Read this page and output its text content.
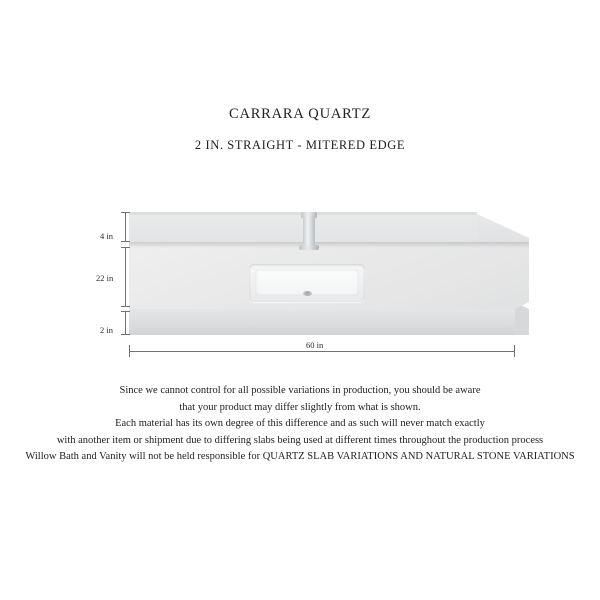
CARRARA QUARTZ
2 IN. STRAIGHT - MITERED EDGE
4 in
22 in
2 in
60 in
Since we cannot control for all possible variations in production, you should be aware
that your product may differ slightly from what is shown.
Each material has its own degree of this difference and as such will never match exactly
with another item or shipment due to differing slabs being used at different times throughout the production process
Willow Bath and Vanity will not be held responsible for QUARTZ SLAB VARIATIONS AND NATURAL STONE VARIATIONS
